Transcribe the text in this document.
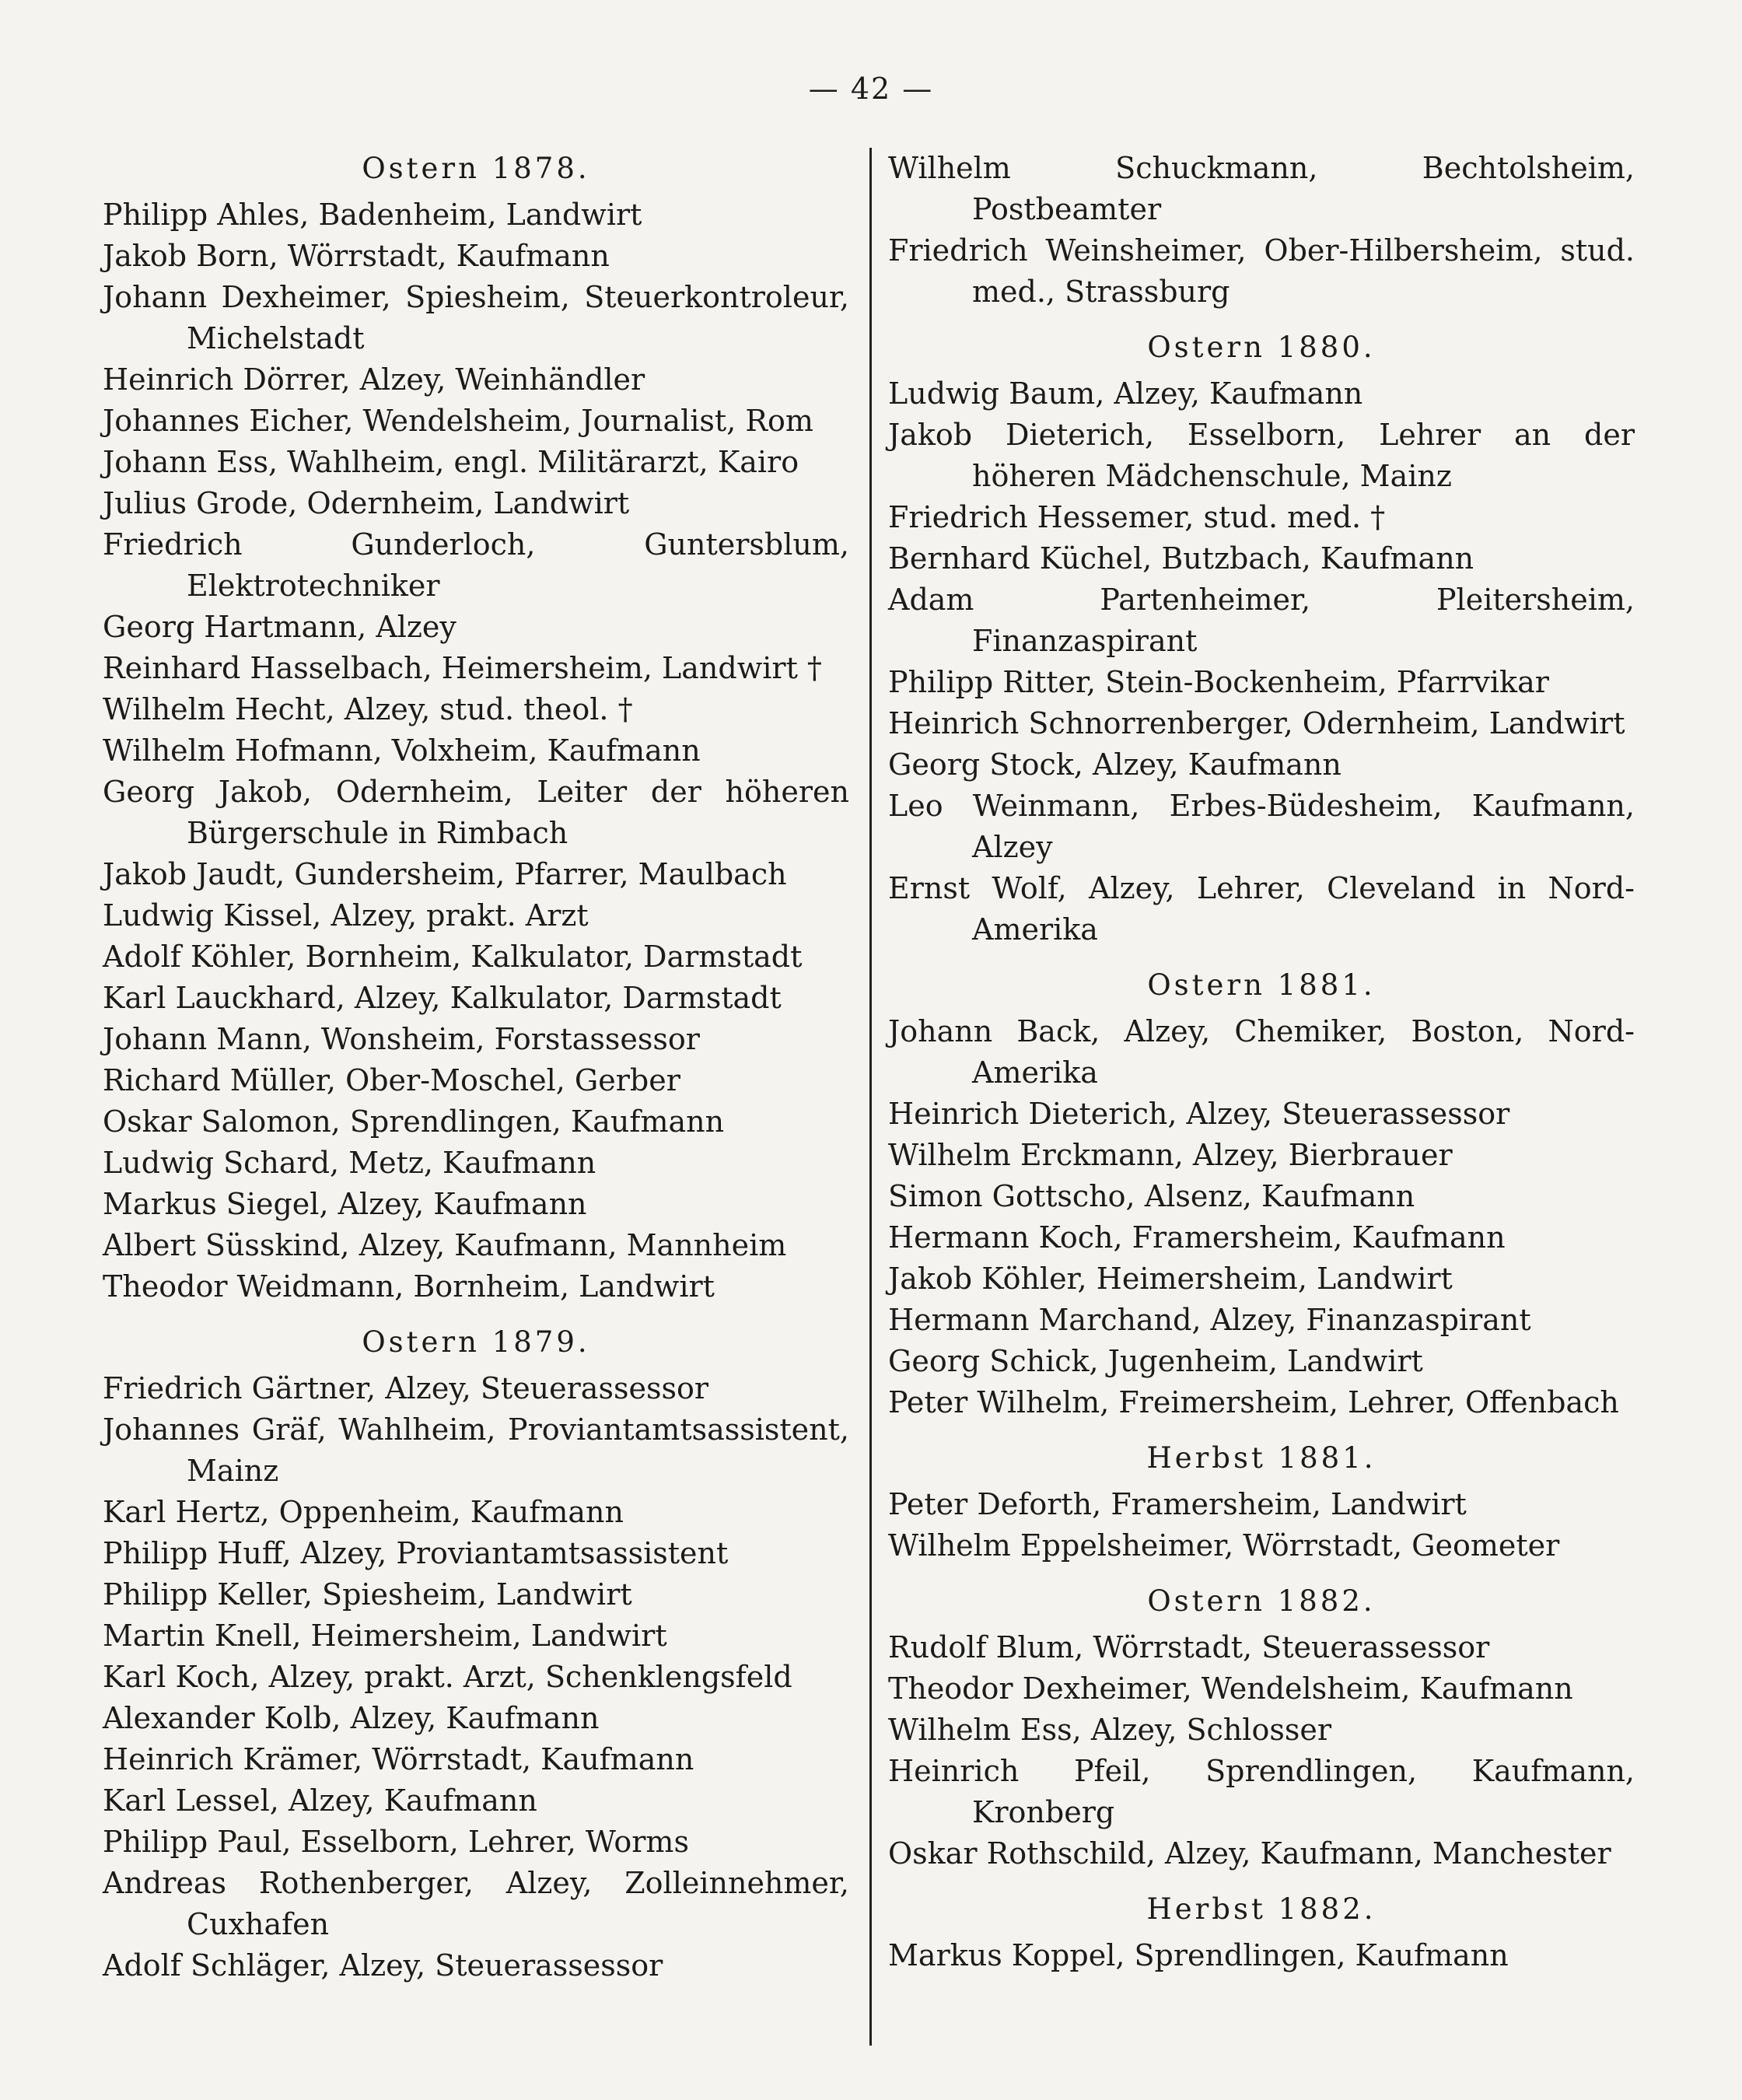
— 42 —
Ostern 1878.
Philipp Ahles, Badenheim, Landwirt
Jakob Born, Wörrstadt, Kaufmann
Johann Dexheimer, Spiesheim, Steuerkontroleur, Michelstadt
Heinrich Dörrer, Alzey, Weinhändler
Johannes Eicher, Wendelsheim, Journalist, Rom
Johann Ess, Wahlheim, engl. Militärarzt, Kairo
Julius Grode, Odernheim, Landwirt
Friedrich Gunderloch, Guntersblum, Elektrotechniker
Georg Hartmann, Alzey
Reinhard Hasselbach, Heimersheim, Landwirt †
Wilhelm Hecht, Alzey, stud. theol. †
Wilhelm Hofmann, Volxheim, Kaufmann
Georg Jakob, Odernheim, Leiter der höheren Bürgerschule in Rimbach
Jakob Jaudt, Gundersheim, Pfarrer, Maulbach
Ludwig Kissel, Alzey, prakt. Arzt
Adolf Köhler, Bornheim, Kalkulator, Darmstadt
Karl Lauckhard, Alzey, Kalkulator, Darmstadt
Johann Mann, Wonsheim, Forstassessor
Richard Müller, Ober-Moschel, Gerber
Oskar Salomon, Sprendlingen, Kaufmann
Ludwig Schard, Metz, Kaufmann
Markus Siegel, Alzey, Kaufmann
Albert Süsskind, Alzey, Kaufmann, Mannheim
Theodor Weidmann, Bornheim, Landwirt
Ostern 1879.
Friedrich Gärtner, Alzey, Steuerassessor
Johannes Gräf, Wahlheim, Proviantamtsassistent, Mainz
Karl Hertz, Oppenheim, Kaufmann
Philipp Huff, Alzey, Proviantamtsassistent
Philipp Keller, Spiesheim, Landwirt
Martin Knell, Heimersheim, Landwirt
Karl Koch, Alzey, prakt. Arzt, Schenklengsfeld
Alexander Kolb, Alzey, Kaufmann
Heinrich Krämer, Wörrstadt, Kaufmann
Karl Lessel, Alzey, Kaufmann
Philipp Paul, Esselborn, Lehrer, Worms
Andreas Rothenberger, Alzey, Zolleinnehmer, Cuxhafen
Adolf Schläger, Alzey, Steuerassessor
Wilhelm Schuckmann, Bechtolsheim, Postbeamter
Friedrich Weinsheimer, Ober-Hilbersheim, stud. med., Strassburg
Ostern 1880.
Ludwig Baum, Alzey, Kaufmann
Jakob Dieterich, Esselborn, Lehrer an der höheren Mädchenschule, Mainz
Friedrich Hessemer, stud. med. †
Bernhard Küchel, Butzbach, Kaufmann
Adam Partenheimer, Pleitersheim, Finanzaspirant
Philipp Ritter, Stein-Bockenheim, Pfarrvikar
Heinrich Schnorrenberger, Odernheim, Landwirt
Georg Stock, Alzey, Kaufmann
Leo Weinmann, Erbes-Büdesheim, Kaufmann, Alzey
Ernst Wolf, Alzey, Lehrer, Cleveland in Nord-Amerika
Ostern 1881.
Johann Back, Alzey, Chemiker, Boston, Nord-Amerika
Heinrich Dieterich, Alzey, Steuerassessor
Wilhelm Erckmann, Alzey, Bierbrauer
Simon Gottscho, Alsenz, Kaufmann
Hermann Koch, Framersheim, Kaufmann
Jakob Köhler, Heimersheim, Landwirt
Hermann Marchand, Alzey, Finanzaspirant
Georg Schick, Jugenheim, Landwirt
Peter Wilhelm, Freimersheim, Lehrer, Offenbach
Herbst 1881.
Peter Deforth, Framersheim, Landwirt
Wilhelm Eppelsheimer, Wörrstadt, Geometer
Ostern 1882.
Rudolf Blum, Wörrstadt, Steuerassessor
Theodor Dexheimer, Wendelsheim, Kaufmann
Wilhelm Ess, Alzey, Schlosser
Heinrich Pfeil, Sprendlingen, Kaufmann, Kronberg
Oskar Rothschild, Alzey, Kaufmann, Manchester
Herbst 1882.
Markus Koppel, Sprendlingen, Kaufmann
